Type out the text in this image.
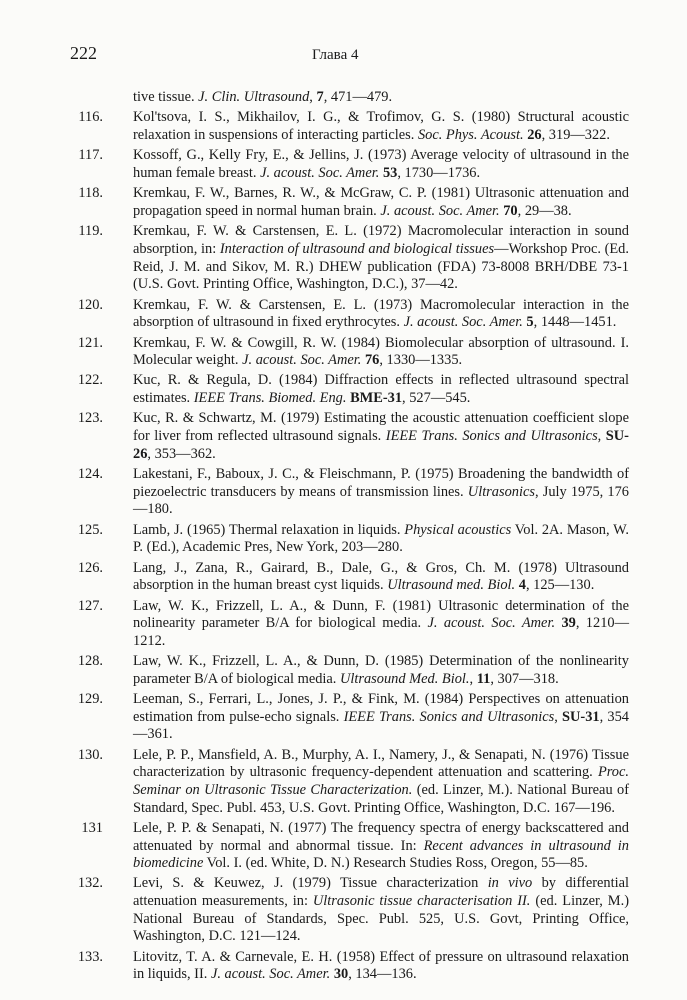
222	Глава 4
tive tissue. J. Clin. Ultrasound, 7, 471—479.
116. Kol'tsova, I. S., Mikhailov, I. G., & Trofimov, G. S. (1980) Structural acoustic relaxation in suspensions of interacting particles. Soc. Phys. Acoust. 26, 319—322.
117. Kossoff, G., Kelly Fry, E., & Jellins, J. (1973) Average velocity of ultrasound in the human female breast. J. acoust. Soc. Amer. 53, 1730—1736.
118. Kremkau, F. W., Barnes, R. W., & McGraw, C. P. (1981) Ultrasonic attenuation and propagation speed in normal human brain. J. acoust. Soc. Amer. 70, 29—38.
119. Kremkau, F. W. & Carstensen, E. L. (1972) Macromolecular interaction in sound absorption, in: Interaction of ultrasound and biological tissues—Workshop Proc. (Ed. Reid, J. M. and Sikov, M. R.) DHEW publication (FDA) 73-8008 BRH/DBE 73-1 (U.S. Govt. Printing Office, Washington, D.C.), 37—42.
120. Kremkau, F. W. & Carstensen, E. L. (1973) Macromolecular interaction in the absorption of ultrasound in fixed erythrocytes. J. acoust. Soc. Amer. 5, 1448—1451.
121. Kremkau, F. W. & Cowgill, R. W. (1984) Biomolecular absorption of ultrasound. I. Molecular weight. J. acoust. Soc. Amer. 76, 1330—1335.
122. Kuc, R. & Regula, D. (1984) Diffraction effects in reflected ultrasound spectral estimates. IEEE Trans. Biomed. Eng. BME-31, 527—545.
123. Kuc, R. & Schwartz, M. (1979) Estimating the acoustic attenuation coefficient slope for liver from reflected ultrasound signals. IEEE Trans. Sonics and Ultrasonics, SU-26, 353—362.
124. Lakestani, F., Baboux, J. C., & Fleischmann, P. (1975) Broadening the bandwidth of piezoelectric transducers by means of transmission lines. Ultrasonics, July 1975, 176—180.
125. Lamb, J. (1965) Thermal relaxation in liquids. Physical acoustics Vol. 2A. Mason, W. P. (Ed.), Academic Pres, New York, 203—280.
126. Lang, J., Zana, R., Gairard, B., Dale, G., & Gros, Ch. M. (1978) Ultrasound absorption in the human breast cyst liquids. Ultrasound med. Biol. 4, 125—130.
127. Law, W. K., Frizzell, L. A., & Dunn, F. (1981) Ultrasonic determination of the nolinearity parameter B/A for biological media. J. acoust. Soc. Amer. 39, 1210—1212.
128. Law, W. K., Frizzell, L. A., & Dunn, D. (1985) Determination of the nonlinearity parameter B/A of biological media. Ultrasound Med. Biol., 11, 307—318.
129. Leeman, S., Ferrari, L., Jones, J. P., & Fink, M. (1984) Perspectives on attenuation estimation from pulse-echo signals. IEEE Trans. Sonics and Ultrasonics, SU-31, 354—361.
130. Lele, P. P., Mansfield, A. B., Murphy, A. I., Namery, J., & Senapati, N. (1976) Tissue characterization by ultrasonic frequency-dependent attenuation and scattering. Proc. Seminar on Ultrasonic Tissue Characterization. (ed. Linzer, M.). National Bureau of Standard, Spec. Publ. 453, U.S. Govt. Printing Office, Washington, D.C. 167—196.
131 Lele, P. P. & Senapati, N. (1977) The frequency spectra of energy backscattered and attenuated by normal and abnormal tissue. In: Recent advances in ultrasound in biomedicine Vol. I. (ed. White, D. N.) Research Studies Ross, Oregon, 55—85.
132. Levi, S. & Keuwez, J. (1979) Tissue characterization in vivo by differential attenuation measurements, in: Ultrasonic tissue characterisation II. (ed. Linzer, M.) National Bureau of Standards, Spec. Publ. 525, U.S. Govt, Printing Office, Washington, D.C. 121—124.
133. Litovitz, T. A. & Carnevale, E. H. (1958) Effect of pressure on ultrasound relaxation in liquids, II. J. acoust. Soc. Amer. 30, 134—136.
